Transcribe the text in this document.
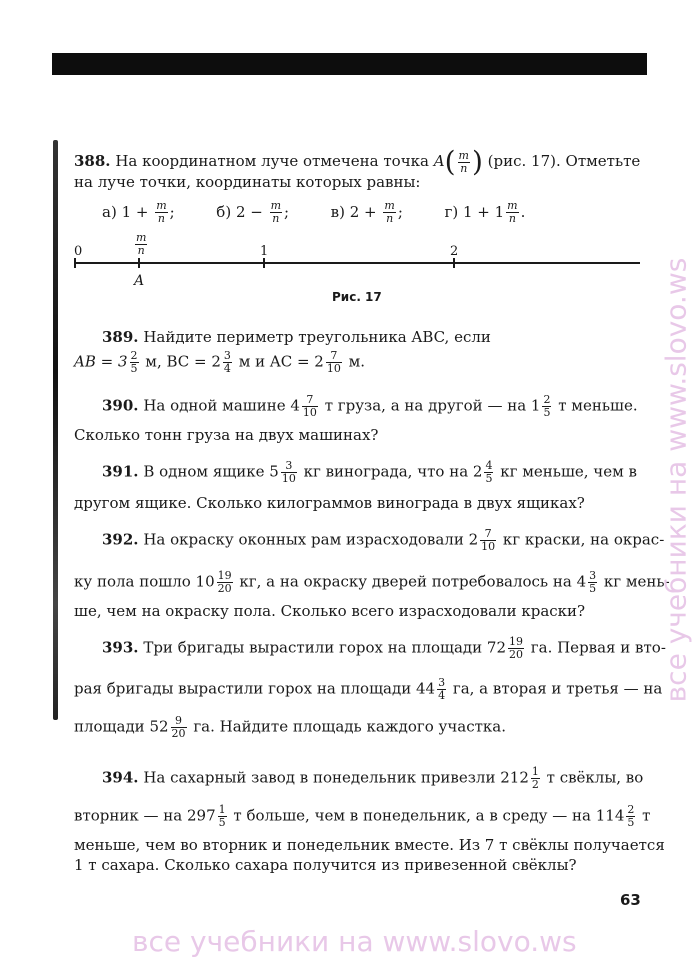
388. На координатном луче отмечена точка $A( \frac{m}{n}$ ) (рис. 17). Отметьте
на луче точки, координаты которых равны:
а) $1 + \frac{m}{n}$ ;	б) $2 - \frac{m}{n}$ ;	в) $2 + \frac{m}{n}$ ;	г) $1 + 1 \frac{m}{n}$ .
0	1	2
$\frac{m}{n}$
A
Рис. 17
389. Найдите периметр треугольника ABC, если
AB = $3 \frac{2}{5} м$, BC = $2 \frac{3}{4}$ м и AC = $2 \frac{7}{10} м$.
390. На одной машине $4 \frac{7}{10}$ т груза, а на другой — на $1 \frac{2}{5}$ т меньше.
Сколько тонн груза на двух машинах?
391. В одном ящике $5 \frac{3}{10}$ кг винограда, что на $2 \frac{4}{5}$ кг меньше, чем в
другом ящике. Сколько килограммов винограда в двух ящиках?
392. На окраску оконных рам израсходовали $2 \frac{7}{10}$ кг краски, на окрас-
ку пола пошло $10 \frac{19}{20}$ кг, а на окраску дверей потребовалось на $4 \frac{3}{5}$ кг мень-
ше, чем на окраску пола. Сколько всего израсходовали краски?
393. Три бригады вырастили горох на площади $72 \frac{19}{20}$ га. Первая и вто-
рая бригады вырастили горох на площади $44 \frac{3}{4}$ га, а вторая и третья — на
площади $52 \frac{9}{20}$ га. Найдите площадь каждого участка.
394. На сахарный завод в понедельник привезли $212 \frac{1}{2}$ т свёклы, во
вторник — на $297 \frac{1}{5}$ т больше, чем в понедельник, а в среду — на $114 \frac{2}{5}$ т
меньше, чем во вторник и понедельник вместе. Из 7 т свёклы получается
1 т сахара. Сколько сахара получится из привезенной свёклы?
63
все учебники на www.slovo.ws
все учебники на www.slovo.ws
